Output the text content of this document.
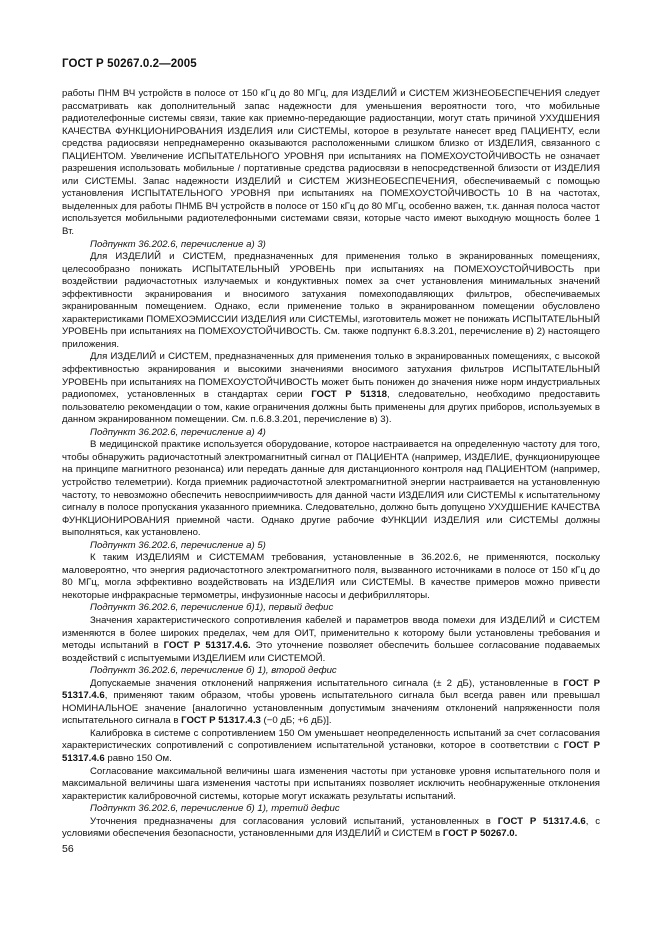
ГОСТ Р 50267.0.2—2005

работы ПНМ ВЧ устройств в полосе от 150 кГц до 80 МГц, для ИЗДЕЛИЙ и СИСТЕМ ЖИЗНЕОБЕСПЕЧЕНИЯ следует рассматривать как дополнительный запас надежности для уменьшения вероятности того, что мобильные радиотелефонные системы связи, такие как приемно-передающие радиостанции, могут стать причиной УХУДШЕНИЯ КАЧЕСТВА ФУНКЦИОНИРОВАНИЯ ИЗДЕЛИЯ или СИСТЕМЫ, которое в результате нанесет вред ПАЦИЕНТУ, если средства радиосвязи непреднамеренно оказываются расположенными слишком близко от ИЗДЕЛИЯ, связанного с ПАЦИЕНТОМ. Увеличение ИСПЫТАТЕЛЬНОГО УРОВНЯ при испытаниях на ПОМЕХОУСТОЙЧИВОСТЬ не означает разрешения использовать мобильные / портативные средства радиосвязи в непосредственной близости от ИЗДЕЛИЯ или СИСТЕМЫ. Запас надежности ИЗДЕЛИЙ и СИСТЕМ ЖИЗНЕОБЕСПЕЧЕНИЯ, обеспечиваемый с помощью установления ИСПЫТАТЕЛЬНОГО УРОВНЯ при испытаниях на ПОМЕХОУСТОЙЧИВОСТЬ 10 В на частотах, выделенных для работы ПНМБ ВЧ устройств в полосе от 150 кГц до 80 МГц, особенно важен, т.к. данная полоса частот используется мобильными радиотелефонными системами связи, которые часто имеют выходную мощность более 1 Вт.

Подпункт 36.202.6, перечисление а) 3)

Для ИЗДЕЛИЙ и СИСТЕМ, предназначенных для применения только в экранированных помещениях, целесообразно понижать ИСПЫТАТЕЛЬНЫЙ УРОВЕНЬ при испытаниях на ПОМЕХОУСТОЙЧИВОСТЬ при воздействии радиочастотных излучаемых и кондуктивных помех за счет установления минимальных значений эффективности экранирования и вносимого затухания помехоподавляющих фильтров, обеспечиваемых экранированным помещением. Однако, если применение только в экранированном помещении обусловлено характеристиками ПОМЕХОЭМИССИИ ИЗДЕЛИЯ или СИСТЕМЫ, изготовитель может не понижать ИСПЫТАТЕЛЬНЫЙ УРОВЕНЬ при испытаниях на ПОМЕХОУСТОЙЧИВОСТЬ. См. также подпункт 6.8.3.201, перечисление в) 2) настоящего приложения.

Для ИЗДЕЛИЙ и СИСТЕМ, предназначенных для применения только в экранированных помещениях, с высокой эффективностью экранирования и высокими значениями вносимого затухания фильтров ИСПЫТАТЕЛЬНЫЙ УРОВЕНЬ при испытаниях на ПОМЕХОУСТОЙЧИВОСТЬ может быть понижен до значения ниже норм индустриальных радиопомех, установленных в стандартах серии ГОСТ Р 51318, следовательно, необходимо предоставить пользователю рекомендации о том, какие ограничения должны быть применены для других приборов, используемых в данном экранированном помещении. См. п.6.8.3.201, перечисление в) 3).

Подпункт 36.202.6, перечисление а) 4)

В медицинской практике используется оборудование, которое настраивается на определенную частоту для того, чтобы обнаружить радиочастотный электромагнитный сигнал от ПАЦИЕНТА (например, ИЗДЕЛИЕ, функционирующее на принципе магнитного резонанса) или передать данные для дистанционного контроля над ПАЦИЕНТОМ (например, устройство телеметрии). Когда приемник радиочастотной электромагнитной энергии настраивается на установленную частоту, то невозможно обеспечить невосприимчивость для данной части ИЗДЕЛИЯ или СИСТЕМЫ к испытательному сигналу в полосе пропускания указанного приемника. Следовательно, должно быть допущено УХУДШЕНИЕ КАЧЕСТВА ФУНКЦИОНИРОВАНИЯ приемной части. Однако другие рабочие ФУНКЦИИ ИЗДЕЛИЯ или СИСТЕМЫ должны выполняться, как установлено.

Подпункт 36.202.6, перечисление а) 5)

К таким ИЗДЕЛИЯМ и СИСТЕМАМ требования, установленные в 36.202.6, не применяются, поскольку маловероятно, что энергия радиочастотного электромагнитного поля, вызванного источниками в полосе от 150 кГц до 80 МГц, могла эффективно воздействовать на ИЗДЕЛИЯ или СИСТЕМЫ. В качестве примеров можно привести некоторые инфракрасные термометры, инфузионные насосы и дефибрилляторы.

Подпункт 36.202.6, перечисление б)1), первый дефис

Значения характеристического сопротивления кабелей и параметров ввода помехи для ИЗДЕЛИЙ и СИСТЕМ изменяются в более широких пределах, чем для ОИТ, применительно к которому были установлены требования и методы испытаний в ГОСТ Р 51317.4.6. Это уточнение позволяет обеспечить большее согласование подаваемых воздействий с испытуемыми ИЗДЕЛИЕМ или СИСТЕМОЙ.

Подпункт 36.202.6, перечисление б) 1), второй дефис

Допускаемые значения отклонений напряжения испытательного сигнала (± 2 дБ), установленные в ГОСТ Р 51317.4.6, применяют таким образом, чтобы уровень испытательного сигнала был всегда равен или превышал НОМИНАЛЬНОЕ значение [аналогично установленным допустимым значениям отклонений напряженности поля испытательного сигнала в ГОСТ Р 51317.4.3 (−0 дБ; +6 дБ)].

Калибровка в системе с сопротивлением 150 Ом уменьшает неопределенность испытаний за счет согласования характеристических сопротивлений с сопротивлением испытательной установки, которое в соответствии с ГОСТ Р 51317.4.6 равно 150 Ом.

Согласование максимальной величины шага изменения частоты при установке уровня испытательного поля и максимальной величины шага изменения частоты при испытаниях позволяет исключить необнаруженные отклонения характеристик калибровочной системы, которые могут искажать результаты испытаний.

Подпункт 36.202.6, перечисление б) 1), третий дефис

Уточнения предназначены для согласования условий испытаний, установленных в ГОСТ Р 51317.4.6, с условиями обеспечения безопасности, установленными для ИЗДЕЛИЙ и СИСТЕМ в ГОСТ Р 50267.0.

56
